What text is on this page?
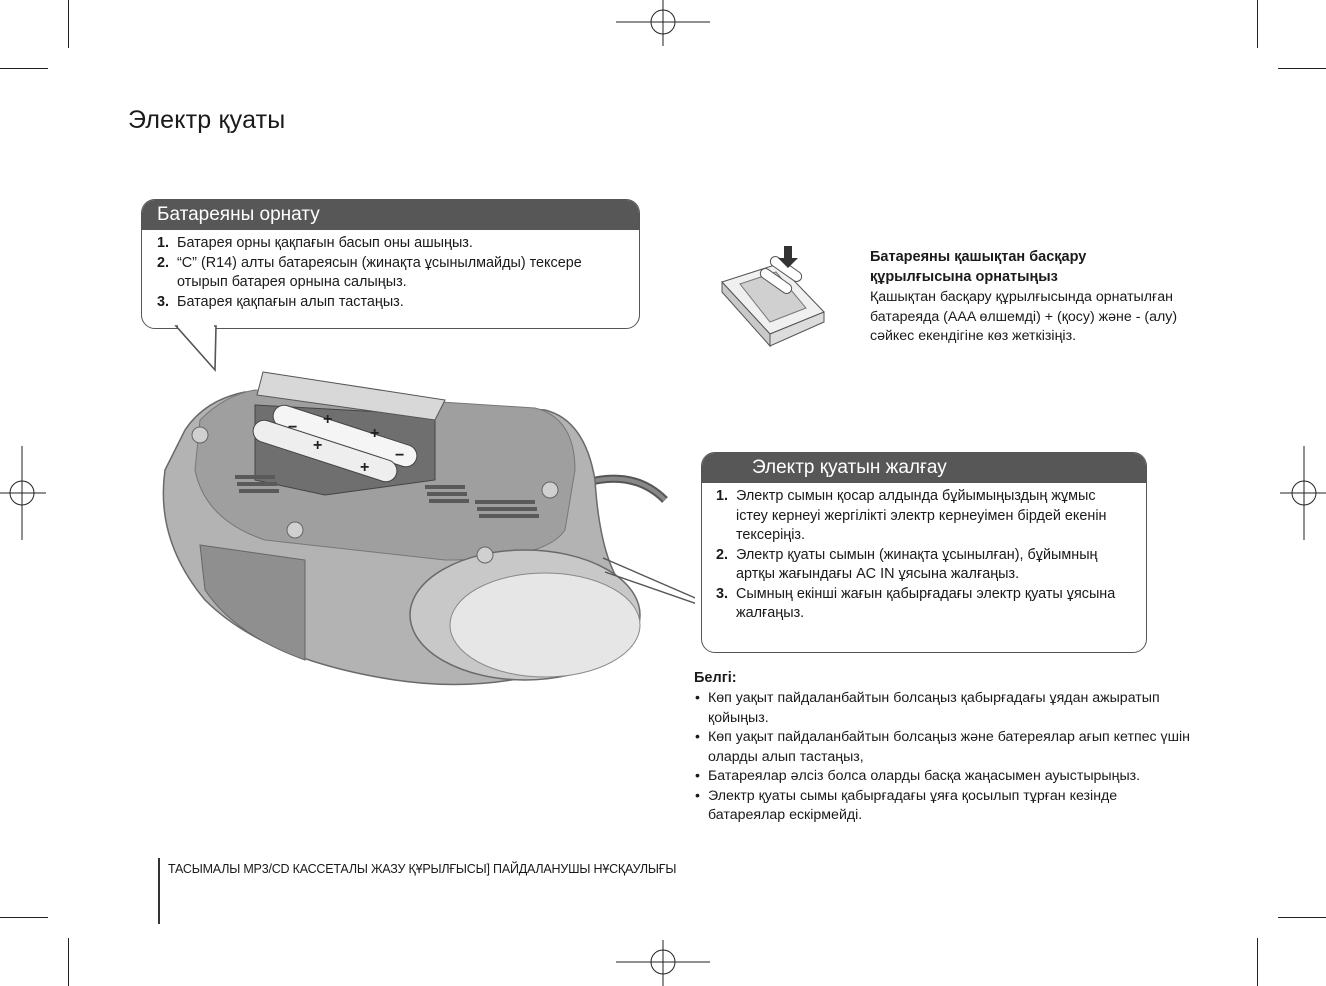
Электр қуаты
Батареяны орнату
1. Батарея орны қақпағын басып оны ашыңыз.
2. “C” (R14) алты батареясын (жинақта ұсынылмайды) тексере отырып батарея орнына салыңыз.
3. Батарея қақпағын алып тастаңыз.
Батареяны қашықтан басқару құрылғысына орнатыңыз
Қашықтан басқару құрылғысында орнатылған батареяда (AAA өлшемді) + (қосу) және - (алу) сәйкес екендігіне көз жеткізіңіз.
+
+
+
+
−
−
Электр қуатын жалғау
1. Электр сымын қосар алдында бұйымыңыздың жұмыс істеу кернеуі жергілікті электр кернеуімен бірдей екенін тексеріңіз.
2. Электр қуаты сымын (жинақта ұсынылған), бұйымның артқы жағындағы AC IN ұясына жалғаңыз.
3. Сымның екінші жағын қабырғадағы электр қуаты ұясына жалғаңыз.
Белгі:
• Көп уақыт пайдаланбайтын болсаңыз қабырғадағы ұядан ажыратып қойыңыз.
• Көп уақыт пайдаланбайтын болсаңыз және батереялар ағып кетпес үшін оларды алып тастаңыз,
• Батареялар әлсіз болса оларды басқа жаңасымен ауыстырыңыз.
• Электр қуаты сымы қабырғадағы ұяға қосылып тұрған кезінде батареялар ескірмейді.
ТАСЫМАЛЫ MP3/CD КАССЕТАЛЫ ЖАЗУ ҚҰРЫЛҒЫСЫ] ПАЙДАЛАНУШЫ НҰСҚАУЛЫҒЫ
